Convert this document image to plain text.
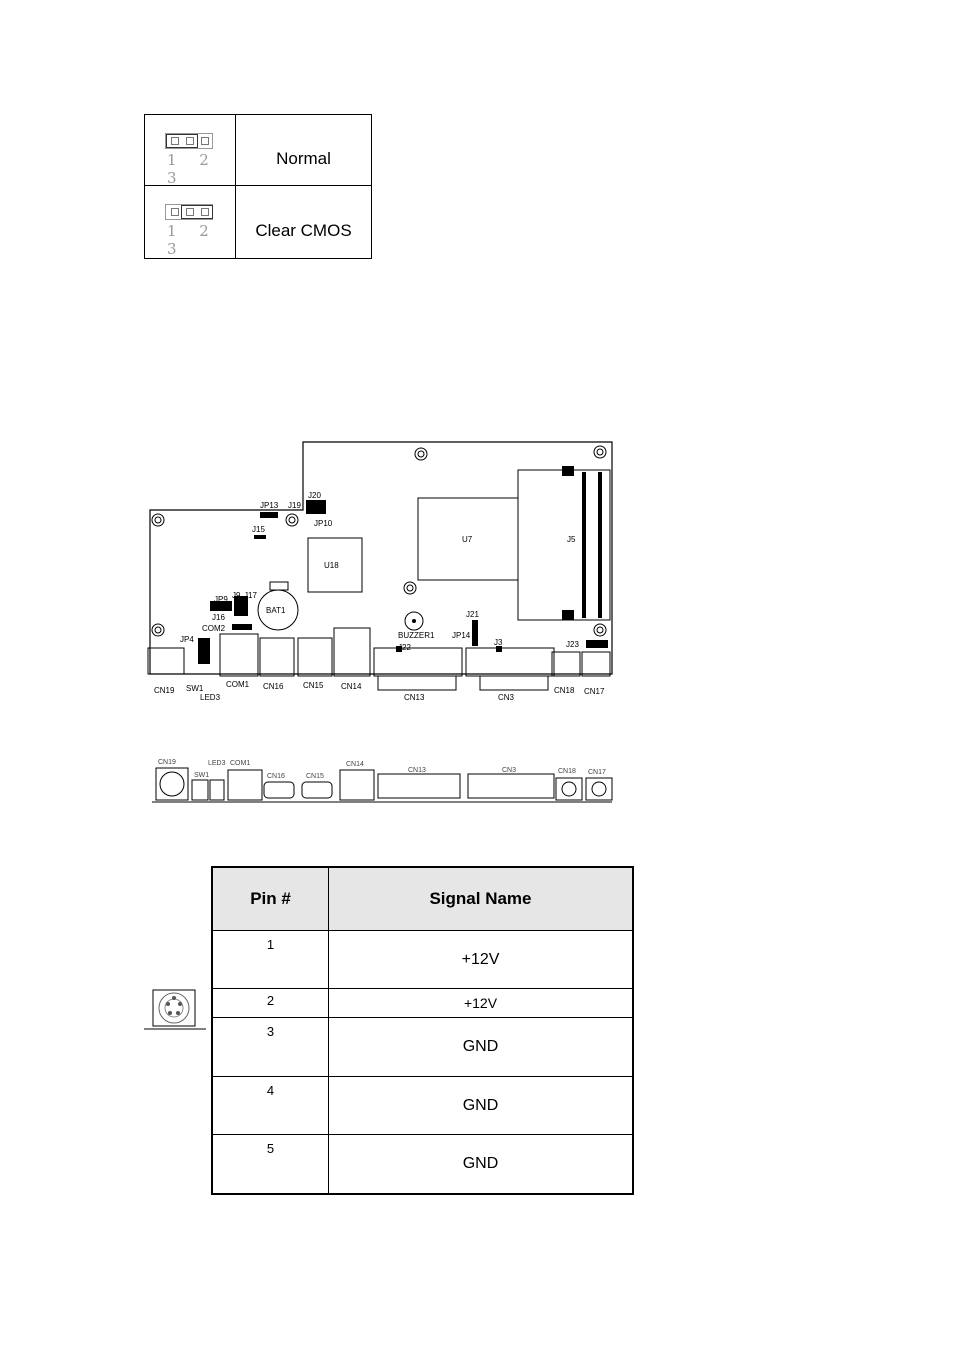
1 2 3	Normal

1 2 3	Clear CMOS
U7	J5
U18
BAT1
BUZZER1
JP13 J19
J20
JP10
J15
JP9 J9 J17
J16
COM2
JP4
J21
JP14
J22
J3	J23
CN19 SW1
LED3
COM1 CN16 CN15 CN14
CN13	CN3
CN18 CN17
CN19	LED3 COM1
SW1	CN16	CN15
CN14
CN13	CN3	CN18 CN17
Pin #	Signal Name
1	+12V
2	+12V
3	GND
4	GND
5	GND
